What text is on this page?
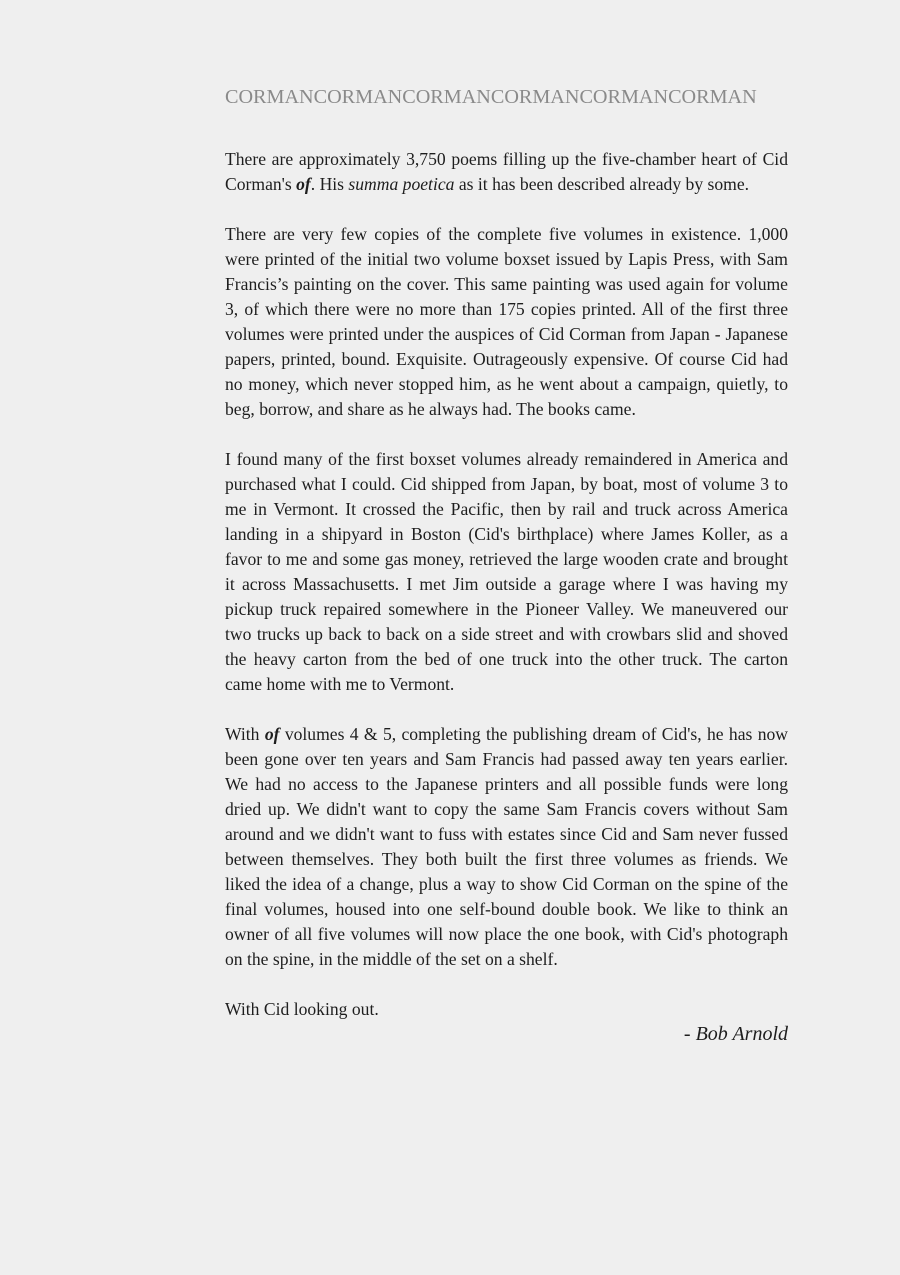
CORMANCORMANCORMANCORMANCORMANCORMAN

There are approximately 3,750 poems filling up the five-chamber heart of Cid Corman's of. His summa poetica as it has been described already by some.

There are very few copies of the complete five volumes in existence. 1,000 were printed of the initial two volume boxset issued by Lapis Press, with Sam Francis’s painting on the cover. This same painting was used again for volume 3, of which there were no more than 175 copies printed. All of the first three volumes were printed under the auspices of Cid Corman from Japan - Japanese papers, printed, bound. Exquisite. Outrageously expensive. Of course Cid had no money, which never stopped him, as he went about a campaign, quietly, to beg, borrow, and share as he always had. The books came.

I found many of the first boxset volumes already remaindered in America and purchased what I could. Cid shipped from Japan, by boat, most of volume 3 to me in Vermont. It crossed the Pacific, then by rail and truck across America landing in a shipyard in Boston (Cid's birthplace) where James Koller, as a favor to me and some gas money, retrieved the large wooden crate and brought it across Massachusetts. I met Jim outside a garage where I was having my pickup truck repaired somewhere in the Pioneer Valley. We maneuvered our two trucks up back to back on a side street and with crowbars slid and shoved the heavy carton from the bed of one truck into the other truck. The carton came home with me to Vermont.

With of volumes 4 & 5, completing the publishing dream of Cid's, he has now been gone over ten years and Sam Francis had passed away ten years earlier. We had no access to the Japanese printers and all possible funds were long dried up. We didn't want to copy the same Sam Francis covers without Sam around and we didn't want to fuss with estates since Cid and Sam never fussed between themselves. They both built the first three volumes as friends. We liked the idea of a change, plus a way to show Cid Corman on the spine of the final volumes, housed into one self-bound double book. We like to think an owner of all five volumes will now place the one book, with Cid's photograph on the spine, in the middle of the set on a shelf.

With Cid looking out.

- Bob Arnold
